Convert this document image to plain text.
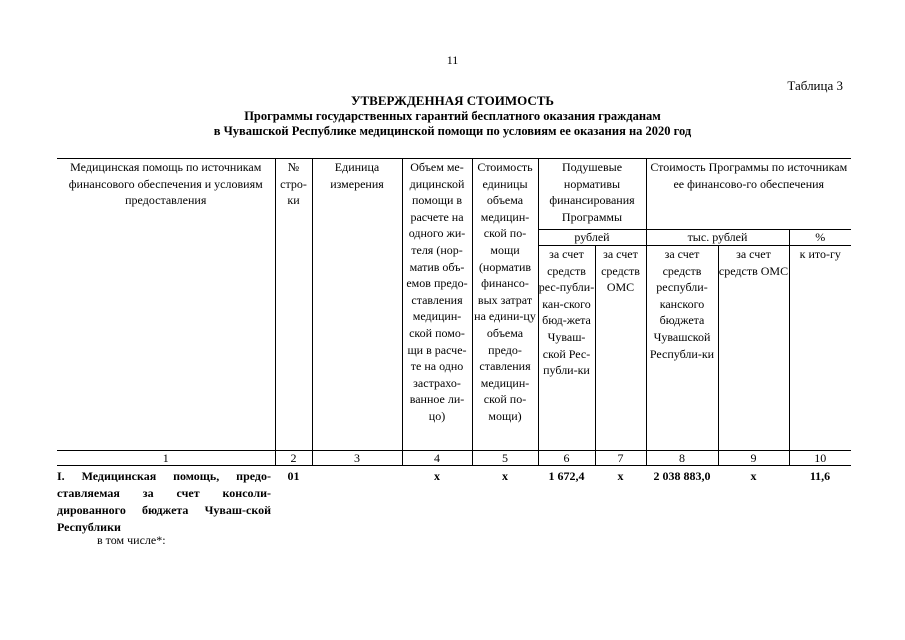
11
Таблица 3
УТВЕРЖДЕННАЯ СТОИМОСТЬ
Программы государственных гарантий бесплатного оказания гражданам
в Чувашской Республике медицинской помощи по условиям ее оказания на 2020 год
Медицинская помощь по источникам финансового обеспечения и условиям предоставления	№ стро-ки	Единица измерения	Объем ме-дицинской помощи в расчете на одного жи-теля (нор-матив объ-емов предо-ставления медицин-ской помо-щи в расче-те на одно застрахо-ванное ли-цо)	Стоимость единицы объема медицин-ской по-мощи (норматив финансо-вых затрат на едини-цу объема предо-ставления медицин-ской по-мощи)	Подушевые нормативы финансирования Программы		Стоимость Программы по источникам ее финансово-го обеспечения		
					рублей		тыс. рублей		%
					за счет средств рес-публи-кан-ского бюд-жета Чуваш-ской Рес-публи-ки	за счет средств ОМС	за счет средств республи-канского бюджета Чувашской Республи-ки	за счет средств ОМС	к ито-гу
1	2	3	4	5	6	7	8	9	10
I. Медицинская помощь, предо-ставляемая за счет консоли-дированного бюджета Чуваш-ской Республики	01		x	x	1 672,4	x	2 038 883,0	x	11,6
в том числе*:
